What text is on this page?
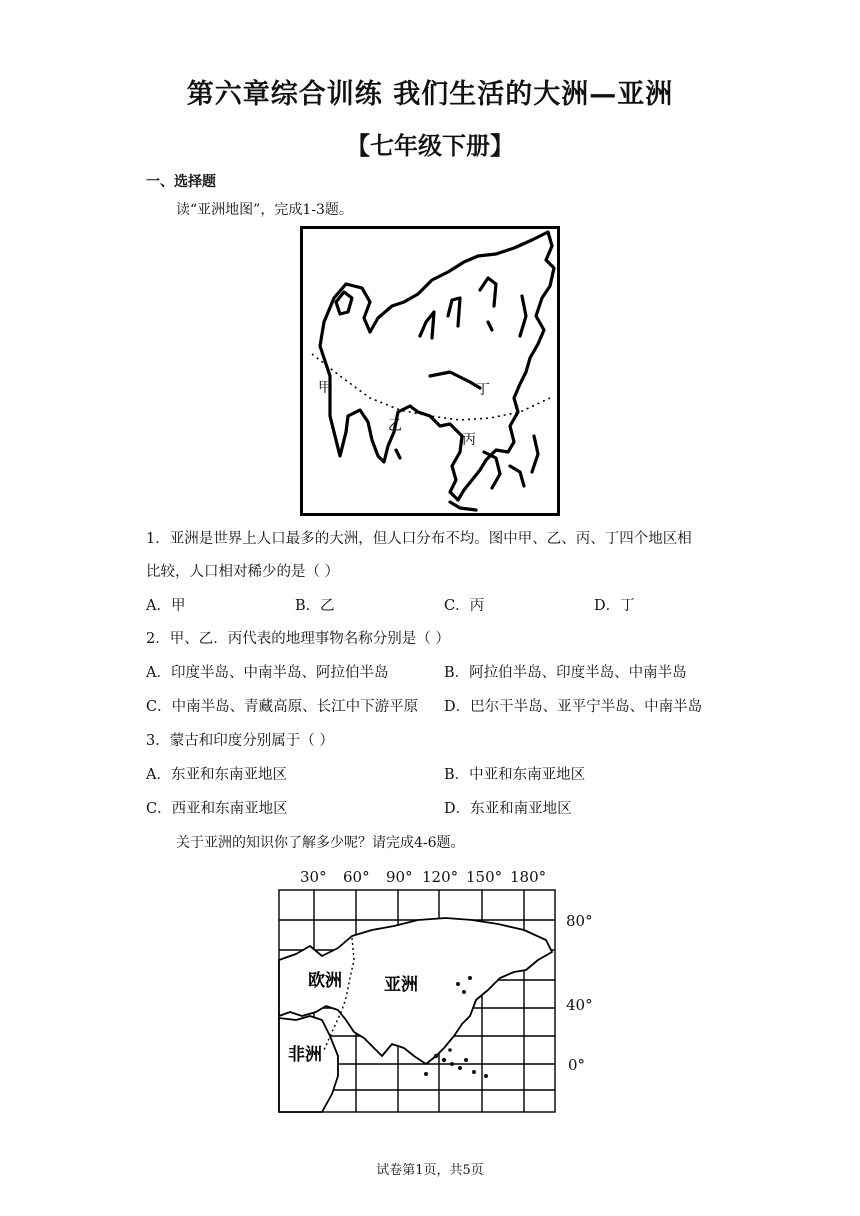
第六章综合训练 我们生活的大洲—亚洲
【七年级下册】
一、选择题
读“亚洲地图”，完成1-3题。
甲
乙
丙
丁
1．亚洲是世界上人口最多的大洲，但人口分布不均。图中甲、乙、丙、丁四个地区相
比较，人口相对稀少的是（ ）
A．甲	B．乙	C．丙	D．丁
2．甲、乙．丙代表的地理事物名称分别是（ ）
A．印度半岛、中南半岛、阿拉伯半岛	B．阿拉伯半岛、印度半岛、中南半岛
C．中南半岛、青藏高原、长江中下游平原 D．巴尔干半岛、亚平宁半岛、中南半岛
3．蒙古和印度分别属于（ ）
A．东亚和东南亚地区	B．中亚和东南亚地区
C．西亚和东南亚地区	D．东亚和南亚地区
关于亚洲的知识你了解多少呢？请完成4-6题。
30° 60° 90° 120° 150° 180°
80°
40°
0°
欧洲 亚洲
非洲
试卷第1页，共5页
